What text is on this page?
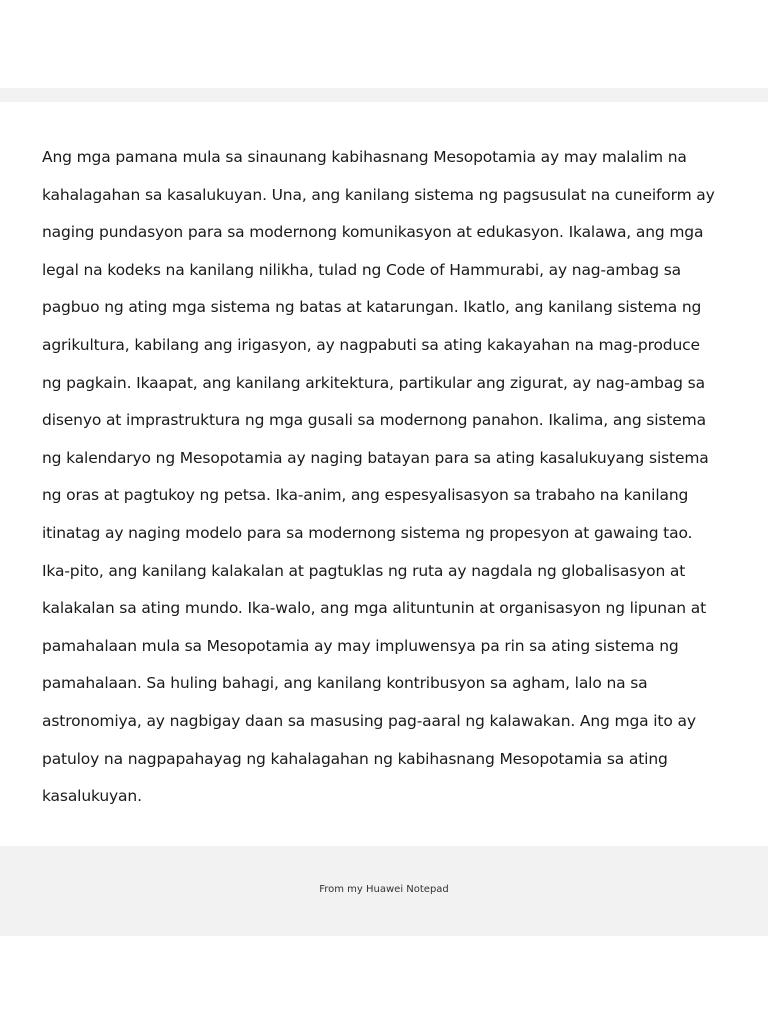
Ang mga pamana mula sa sinaunang kabihasnang Mesopotamia ay may malalim na
kahalagahan sa kasalukuyan. Una, ang kanilang sistema ng pagsusulat na cuneiform ay
naging pundasyon para sa modernong komunikasyon at edukasyon. Ikalawa, ang mga
legal na kodeks na kanilang nilikha, tulad ng Code of Hammurabi, ay nag-ambag sa
pagbuo ng ating mga sistema ng batas at katarungan. Ikatlo, ang kanilang sistema ng
agrikultura, kabilang ang irigasyon, ay nagpabuti sa ating kakayahan na mag-produce
ng pagkain. Ikaapat, ang kanilang arkitektura, partikular ang zigurat, ay nag-ambag sa
disenyo at imprastruktura ng mga gusali sa modernong panahon. Ikalima, ang sistema
ng kalendaryo ng Mesopotamia ay naging batayan para sa ating kasalukuyang sistema
ng oras at pagtukoy ng petsa. Ika-anim, ang espesyalisasyon sa trabaho na kanilang
itinatag ay naging modelo para sa modernong sistema ng propesyon at gawaing tao.
Ika-pito, ang kanilang kalakalan at pagtuklas ng ruta ay nagdala ng globalisasyon at
kalakalan sa ating mundo. Ika-walo, ang mga alituntunin at organisasyon ng lipunan at
pamahalaan mula sa Mesopotamia ay may impluwensya pa rin sa ating sistema ng
pamahalaan. Sa huling bahagi, ang kanilang kontribusyon sa agham, lalo na sa
astronomiya, ay nagbigay daan sa masusing pag-aaral ng kalawakan. Ang mga ito ay
patuloy na nagpapahayag ng kahalagahan ng kabihasnang Mesopotamia sa ating
kasalukuyan.
From my Huawei Notepad
